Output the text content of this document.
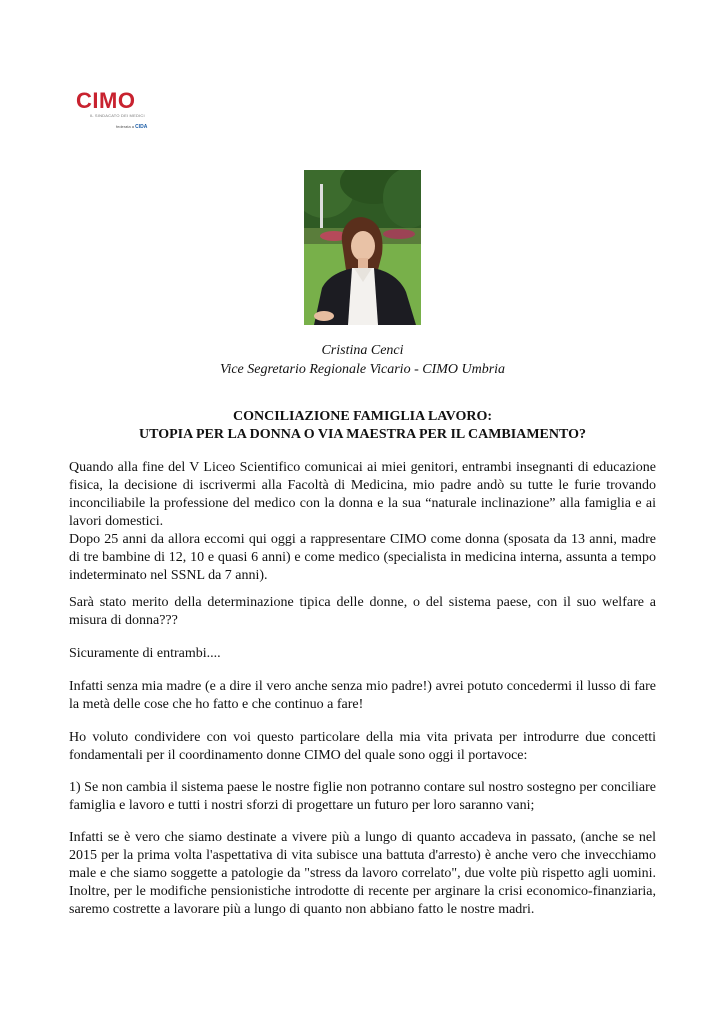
CIMO
IL SINDACATO DEI MEDICI
federata a CIDA
Cristina Cenci
Vice Segretario Regionale Vicario - CIMO Umbria
CONCILIAZIONE FAMIGLIA LAVORO:
UTOPIA PER LA DONNA O VIA MAESTRA PER IL CAMBIAMENTO?

Quando alla fine del V Liceo Scientifico comunicai ai miei genitori, entrambi insegnanti di educazione fisica, la decisione di iscrivermi alla Facoltà di Medicina, mio padre andò su tutte le furie trovando inconciliabile la professione del medico con la donna e la sua “naturale inclinazione” alla famiglia e ai lavori domestici.

Dopo 25 anni da allora eccomi qui oggi a rappresentare CIMO come donna (sposata da 13 anni, madre di tre bambine di 12, 10 e quasi 6 anni) e come medico (specialista in medicina interna, assunta a tempo indeterminato nel SSNL da 7 anni).

Sarà stato merito della determinazione tipica delle donne, o del sistema paese, con il suo welfare a misura di donna???

Sicuramente di entrambi....

Infatti senza mia madre (e a dire il vero anche senza mio padre!) avrei potuto concedermi il lusso di fare la metà delle cose che ho fatto e che continuo a fare!

Ho voluto condividere con voi questo particolare della mia vita privata per introdurre due concetti fondamentali per il coordinamento donne CIMO del quale sono oggi il portavoce:

1) Se non cambia il sistema paese le nostre figlie non potranno contare sul nostro sostegno per conciliare famiglia e lavoro e tutti i nostri sforzi di progettare un futuro per loro saranno vani;

Infatti se è vero che siamo destinate a vivere più a lungo di quanto accadeva in passato, (anche se nel 2015 per la prima volta l'aspettativa di vita subisce una battuta d'arresto) è anche vero che invecchiamo male e che siamo soggette a patologie da "stress da lavoro correlato", due volte più rispetto agli uomini. Inoltre, per le modifiche pensionistiche introdotte di recente per arginare la crisi economico-finanziaria, saremo costrette a lavorare più a lungo di quanto non abbiano fatto le nostre madri.
